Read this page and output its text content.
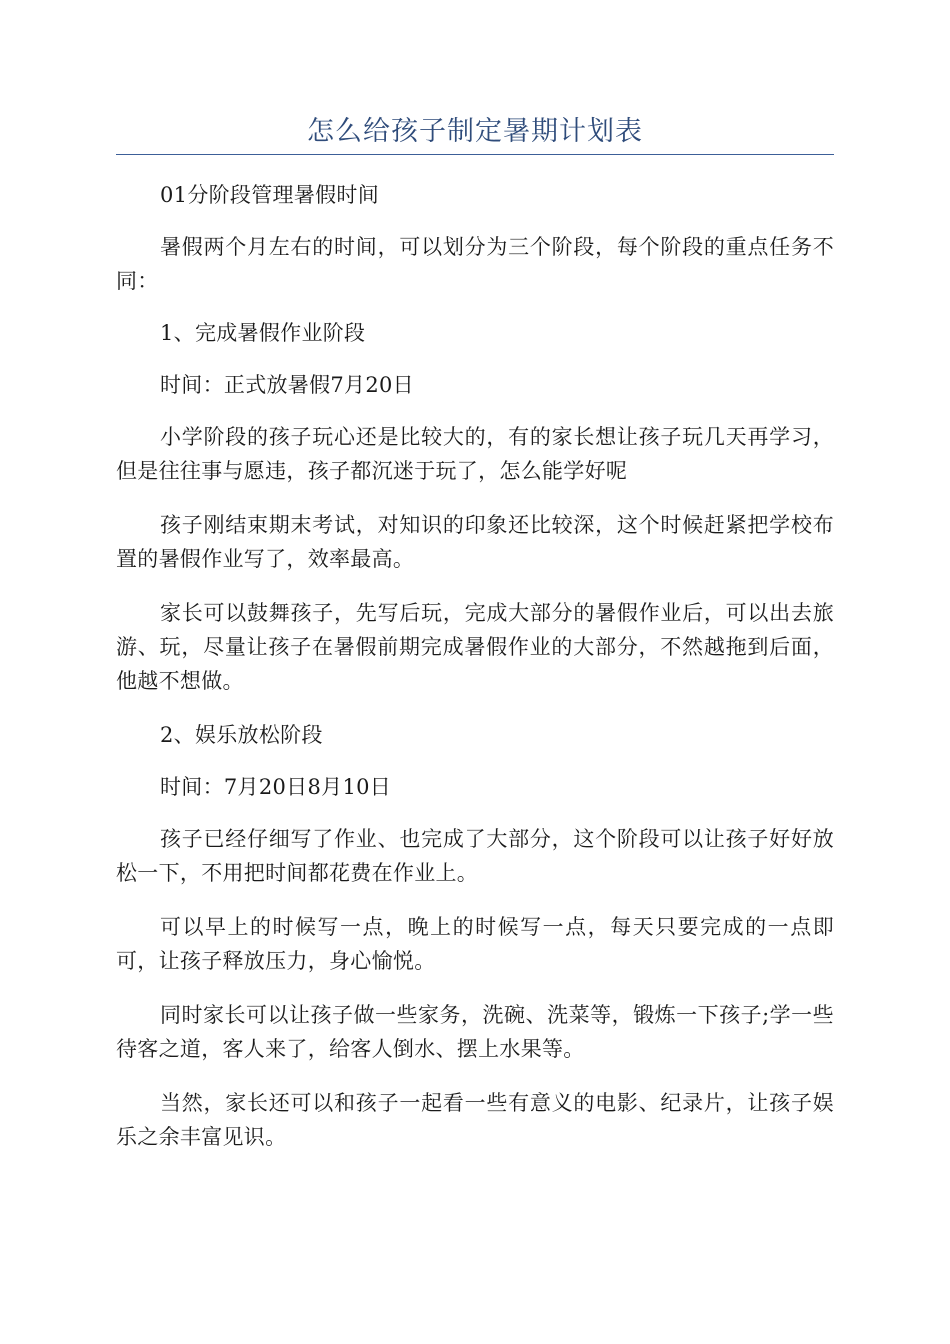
怎么给孩子制定暑期计划表

01分阶段管理暑假时间

暑假两个月左右的时间，可以划分为三个阶段，每个阶段的重点任务不同：

1、完成暑假作业阶段

时间：正式放暑假7月20日

小学阶段的孩子玩心还是比较大的，有的家长想让孩子玩几天再学习，但是往往事与愿违，孩子都沉迷于玩了，怎么能学好呢

孩子刚结束期末考试，对知识的印象还比较深，这个时候赶紧把学校布置的暑假作业写了，效率最高。

家长可以鼓舞孩子，先写后玩，完成大部分的暑假作业后，可以出去旅游、玩，尽量让孩子在暑假前期完成暑假作业的大部分，不然越拖到后面，他越不想做。

2、娱乐放松阶段

时间：7月20日8月10日

孩子已经仔细写了作业、也完成了大部分，这个阶段可以让孩子好好放松一下，不用把时间都花费在作业上。

可以早上的时候写一点，晚上的时候写一点，每天只要完成的一点即可，让孩子释放压力，身心愉悦。

同时家长可以让孩子做一些家务，洗碗、洗菜等，锻炼一下孩子;学一些待客之道，客人来了，给客人倒水、摆上水果等。

当然，家长还可以和孩子一起看一些有意义的电影、纪录片，让孩子娱乐之余丰富见识。
